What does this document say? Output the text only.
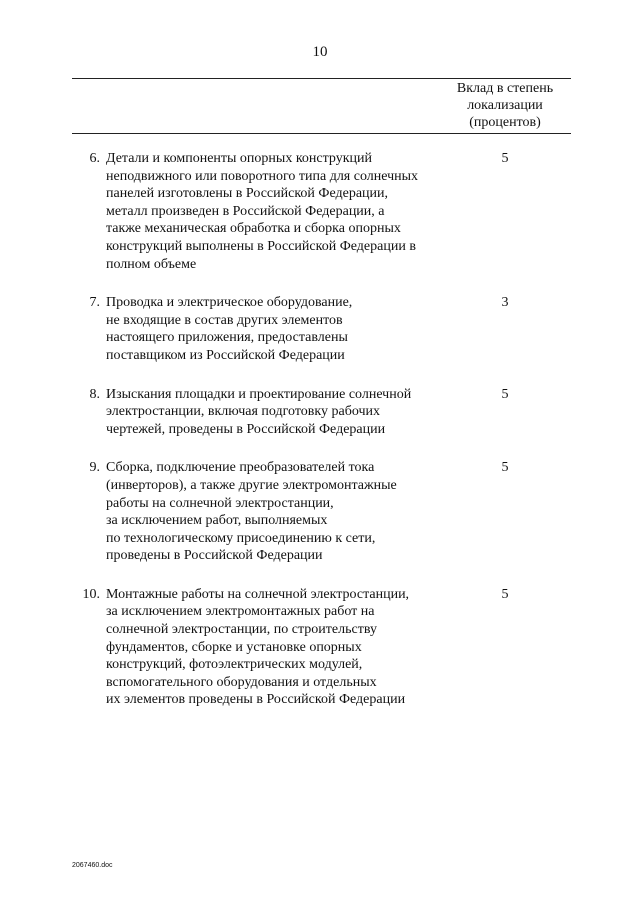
10
Вклад в степень
локализации
(процентов)
6. Детали и компоненты опорных конструкций
неподвижного или поворотного типа для солнечных
панелей изготовлены в Российской Федерации,
металл произведен в Российской Федерации, а
также механическая обработка и сборка опорных
конструкций выполнены в Российской Федерации в
полном объеме
5
7. Проводка и электрическое оборудование,
не входящие в состав других элементов
настоящего приложения, предоставлены
поставщиком из Российской Федерации
3
8. Изыскания площадки и проектирование солнечной
электростанции, включая подготовку рабочих
чертежей, проведены в Российской Федерации
5
9. Сборка, подключение преобразователей тока
(инверторов), а также другие электромонтажные
работы на солнечной электростанции,
за исключением работ, выполняемых
по технологическому присоединению к сети,
проведены в Российской Федерации
5
10. Монтажные работы на солнечной электростанции,
за исключением электромонтажных работ на
солнечной электростанции, по строительству
фундаментов, сборке и установке опорных
конструкций, фотоэлектрических модулей,
вспомогательного оборудования и отдельных
их элементов проведены в Российской Федерации
5
2067460.doc
